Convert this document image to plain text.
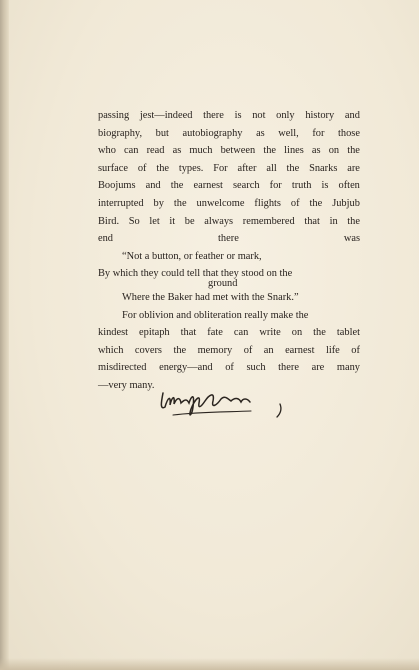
passing jest—indeed there is not only history and
biography, but autobiography as well, for those
who can read as much between the lines as on the
surface of the types. For after all the Snarks are
Boojums and the earnest search for truth is often
interrupted by the unwelcome flights of the Jubjub
Bird. So let it be always remembered that in the
end there was
“Not a button, or feather or mark,
By which they could tell that they stood on the
ground
Where the Baker had met with the Snark.”
For oblivion and obliteration really make the
kindest epitaph that fate can write on the tablet
which covers the memory of an earnest life of
misdirected energy—and of such there are many
—very many.
